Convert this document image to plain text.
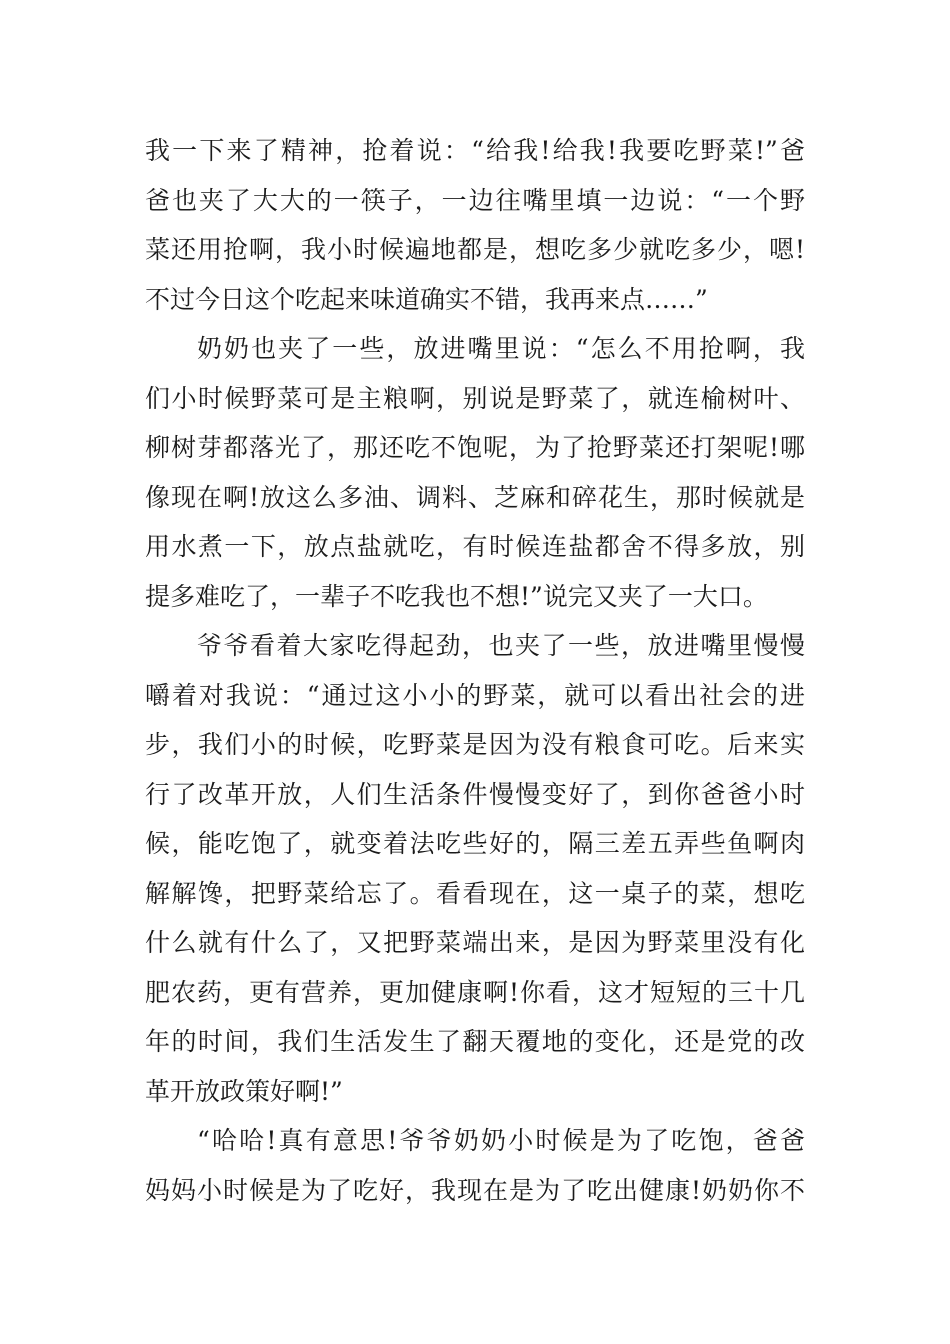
我一下来了精神，抢着说：“给我!给我!我要吃野菜!”爸
爸也夹了大大的一筷子，一边往嘴里填一边说：“一个野
菜还用抢啊，我小时候遍地都是，想吃多少就吃多少，嗯!
不过今日这个吃起来味道确实不错，我再来点……”
奶奶也夹了一些，放进嘴里说：“怎么不用抢啊，我
们小时候野菜可是主粮啊，别说是野菜了，就连榆树叶、
柳树芽都落光了，那还吃不饱呢，为了抢野菜还打架呢!哪
像现在啊!放这么多油、调料、芝麻和碎花生，那时候就是
用水煮一下，放点盐就吃，有时候连盐都舍不得多放，别
提多难吃了，一辈子不吃我也不想!”说完又夹了一大口。
爷爷看着大家吃得起劲，也夹了一些，放进嘴里慢慢
嚼着对我说：“通过这小小的野菜，就可以看出社会的进
步，我们小的时候，吃野菜是因为没有粮食可吃。后来实
行了改革开放，人们生活条件慢慢变好了，到你爸爸小时
候，能吃饱了，就变着法吃些好的，隔三差五弄些鱼啊肉
解解馋，把野菜给忘了。看看现在，这一桌子的菜，想吃
什么就有什么了，又把野菜端出来，是因为野菜里没有化
肥农药，更有营养，更加健康啊!你看，这才短短的三十几
年的时间，我们生活发生了翻天覆地的变化，还是党的改
革开放政策好啊!”
“哈哈!真有意思!爷爷奶奶小时候是为了吃饱，爸爸
妈妈小时候是为了吃好，我现在是为了吃出健康!奶奶你不
